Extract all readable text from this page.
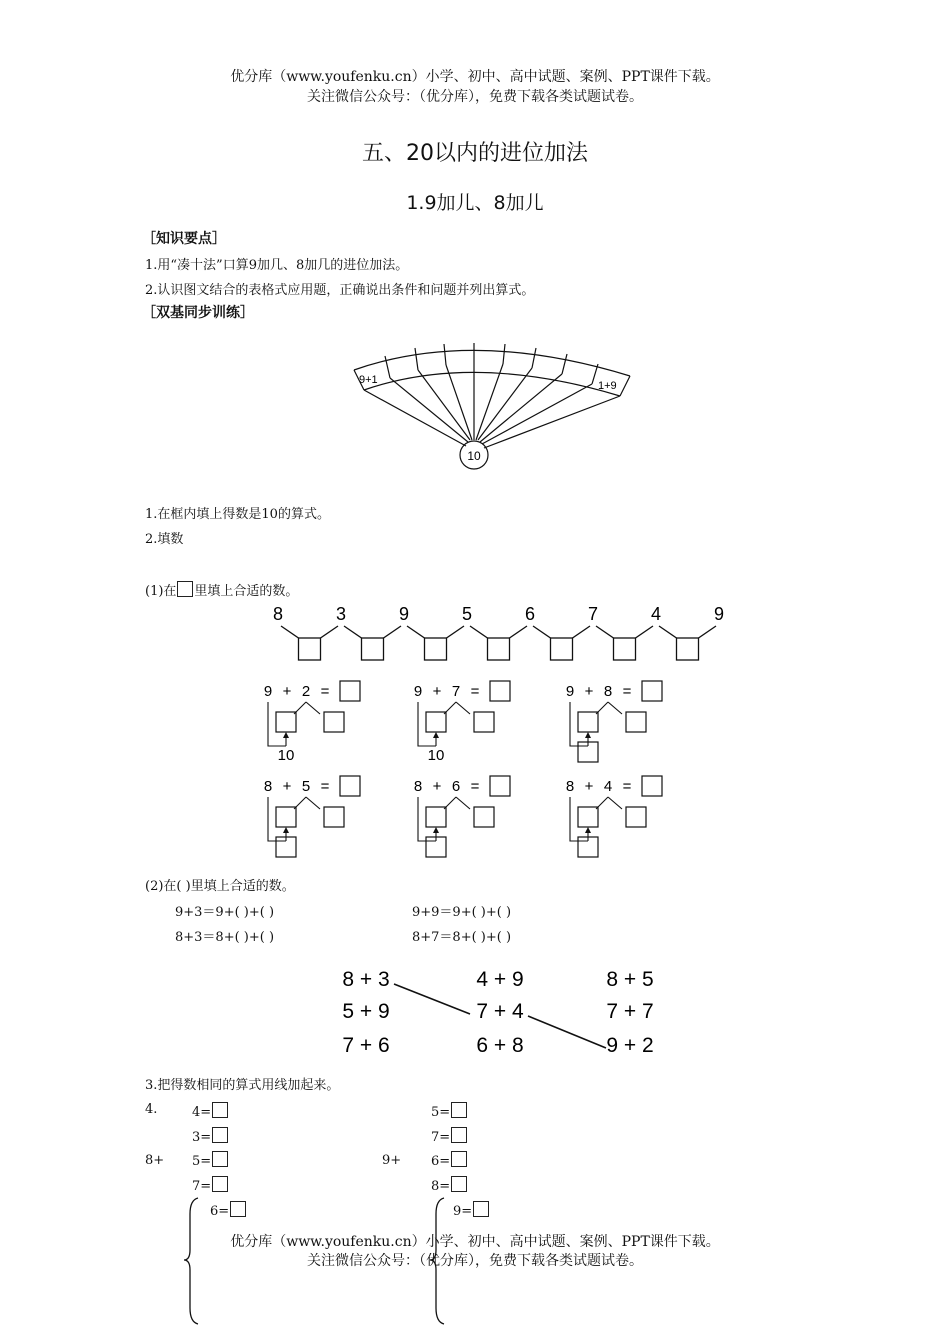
优分库（www.youfenku.cn）小学、初中、高中试题、案例、PPT课件下载。
关注微信公众号：（优分库），免费下载各类试题试卷。
五、20以内的进位加法
1.9加儿、8加儿
［知识要点］
1.用“凑十法”口算9加几、8加几的进位加法。
2.认识图文结合的表格式应用题，正确说出条件和问题并列出算式。
［双基同步训练］
9+1	1+9
10
1.在框内填上得数是10的算式。
2.填数
(1)在 里填上合适的数。
8	3	9	5	6	7	4	9
9 + 2 =
10
9 + 7 =
10
9 + 8 =
8 + 5 =	8 + 6 =	8 + 4 =
(2)在( )里填上合适的数。
9+3＝9+( )+( )	9+9＝9+( )+( )
8+3＝8+( )+( )	8+7＝8+( )+( )
8 + 3	4 + 9	8 + 5
5 + 9	7 + 4	7 + 7
7 + 6	6 + 8	9 + 2
3.把得数相同的算式用线加起来。
4.
8+	9+
4=
3=
5=
7=
6=
5=
7=
6=
8=
9=
优分库（www.youfenku.cn）小学、初中、高中试题、案例、PPT课件下载。
关注微信公众号：（优分库），免费下载各类试题试卷。
